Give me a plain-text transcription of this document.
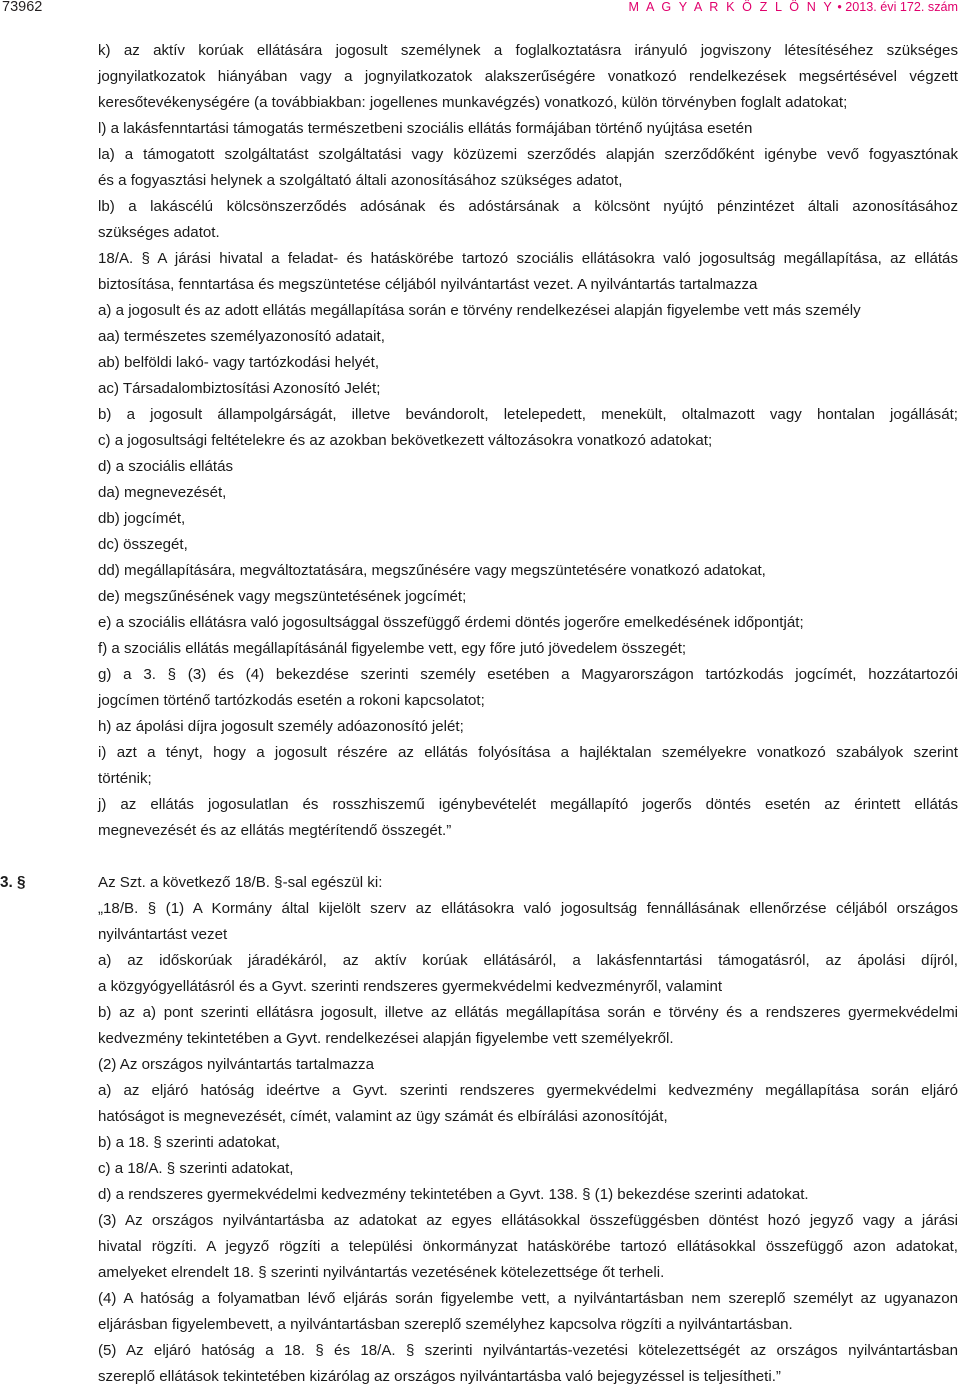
73962	M A G Y A R K Ö Z L Ö N Y • 2013. évi 172. szám
k) az aktív korúak ellátására jogosult személynek a foglalkoztatásra irányuló jogviszony létesítéséhez szükséges
jognyilatkozatok hiányában vagy a jognyilatkozatok alakszerűségére vonatkozó rendelkezések megsértésével végzett
keresőtevékenységére (a továbbiakban: jogellenes munkavégzés) vonatkozó, külön törvényben foglalt adatokat;
l) a lakásfenntartási támogatás természetbeni szociális ellátás formájában történő nyújtása esetén
la) a támogatott szolgáltatást szolgáltatási vagy közüzemi szerződés alapján szerződőként igénybe vevő fogyasztónak
és a fogyasztási helynek a szolgáltató általi azonosításához szükséges adatot,
lb) a lakáscélú kölcsönszerződés adósának és adóstársának a kölcsönt nyújtó pénzintézet általi azonosításához
szükséges adatot.
18/A. § A járási hivatal a feladat- és hatáskörébe tartozó szociális ellátásokra való jogosultság megállapítása, az ellátás
biztosítása, fenntartása és megszüntetése céljából nyilvántartást vezet. A nyilvántartás tartalmazza
a) a jogosult és az adott ellátás megállapítása során e törvény rendelkezései alapján figyelembe vett más személy
aa) természetes személyazonosító adatait,
ab) belföldi lakó- vagy tartózkodási helyét,
ac) Társadalombiztosítási Azonosító Jelét;
b) a jogosult állampolgárságát, illetve bevándorolt, letelepedett, menekült, oltalmazott vagy hontalan jogállását;
c) a jogosultsági feltételekre és az azokban bekövetkezett változásokra vonatkozó adatokat;
d) a szociális ellátás
da) megnevezését,
db) jogcímét,
dc) összegét,
dd) megállapítására, megváltoztatására, megszűnésére vagy megszüntetésére vonatkozó adatokat,
de) megszűnésének vagy megszüntetésének jogcímét;
e) a szociális ellátásra való jogosultsággal összefüggő érdemi döntés jogerőre emelkedésének időpontját;
f) a szociális ellátás megállapításánál figyelembe vett, egy főre jutó jövedelem összegét;
g) a 3. § (3) és (4) bekezdése szerinti személy esetében a Magyarországon tartózkodás jogcímét, hozzátartozói
jogcímen történő tartózkodás esetén a rokoni kapcsolatot;
h) az ápolási díjra jogosult személy adóazonosító jelét;
i) azt a tényt, hogy a jogosult részére az ellátás folyósítása a hajléktalan személyekre vonatkozó szabályok szerint
történik;
j) az ellátás jogosulatlan és rosszhiszemű igénybevételét megállapító jogerős döntés esetén az érintett ellátás
megnevezését és az ellátás megtérítendő összegét.”
3. §	Az Szt. a következő 18/B. §-sal egészül ki:
„18/B. § (1) A Kormány által kijelölt szerv az ellátásokra való jogosultság fennállásának ellenőrzése céljából országos
nyilvántartást vezet
a) az időskorúak járadékáról, az aktív korúak ellátásáról, a lakásfenntartási támogatásról, az ápolási díjról,
a közgyógyellátásról és a Gyvt. szerinti rendszeres gyermekvédelmi kedvezményről, valamint
b) az a) pont szerinti ellátásra jogosult, illetve az ellátás megállapítása során e törvény és a rendszeres gyermekvédelmi
kedvezmény tekintetében a Gyvt. rendelkezései alapján figyelembe vett személyekről.
(2) Az országos nyilvántartás tartalmazza
a) az eljáró hatóság ideértve a Gyvt. szerinti rendszeres gyermekvédelmi kedvezmény megállapítása során eljáró
hatóságot is megnevezését, címét, valamint az ügy számát és elbírálási azonosítóját,
b) a 18. § szerinti adatokat,
c) a 18/A. § szerinti adatokat,
d) a rendszeres gyermekvédelmi kedvezmény tekintetében a Gyvt. 138. § (1) bekezdése szerinti adatokat.
(3) Az országos nyilvántartásba az adatokat az egyes ellátásokkal összefüggésben döntést hozó jegyző vagy a járási
hivatal rögzíti. A jegyző rögzíti a települési önkormányzat hatáskörébe tartozó ellátásokkal összefüggő azon adatokat,
amelyeket elrendelt 18. § szerinti nyilvántartás vezetésének kötelezettsége őt terheli.
(4) A hatóság a folyamatban lévő eljárás során figyelembe vett, a nyilvántartásban nem szereplő személyt az ugyanazon
eljárásban figyelembevett, a nyilvántartásban szereplő személyhez kapcsolva rögzíti a nyilvántartásban.
(5) Az eljáró hatóság a 18. § és 18/A. § szerinti nyilvántartás-vezetési kötelezettségét az országos nyilvántartásban
szereplő ellátások tekintetében kizárólag az országos nyilvántartásba való bejegyzéssel is teljesítheti.”
